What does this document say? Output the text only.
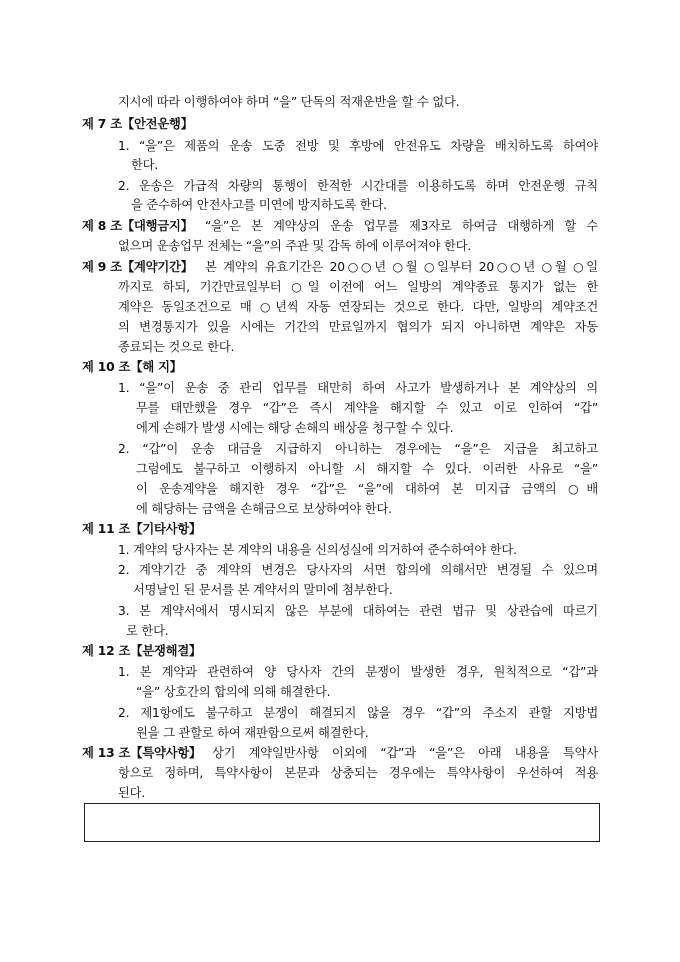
지시에 따라 이행하여야 하며 “을” 단독의 적재운반을 할 수 없다.
제 7 조【안전운행】
1. “을”은 제품의 운송 도중 전방 및 후방에 안전유도 차량을 배치하도록 하여야
한다.
2. 운송은 가급적 차량의 통행이 한적한 시간대를 이용하도록 하며 안전운행 규칙
을 준수하여 안전사고를 미연에 방지하도록 한다.
제 8 조【대행금지】 “을”은 본 계약상의 운송 업무를 제3자로 하여금 대행하게 할 수
없으며 운송업무 전체는 “을”의 주관 및 감독 하에 이루어져야 한다.
제 9 조【계약기간】 본 계약의 유효기간은 20○○년 ○월 ○일부터 20○○년 ○월 ○일
까지로 하되, 기간만료일부터 ○일 이전에 어느 일방의 계약종료 통지가 없는 한
계약은 동일조건으로 매 ○년씩 자동 연장되는 것으로 한다. 다만, 일방의 계약조건
의 변경통지가 있을 시에는 기간의 만료일까지 협의가 되지 아니하면 계약은 자동
종료되는 것으로 한다.
제 10 조【해 지】
1. “을”이 운송 중 관리 업무를 태만히 하여 사고가 발생하거나 본 계약상의 의
무를 태만했을 경우 “갑”은 즉시 계약을 해지할 수 있고 이로 인하여 “갑”
에게 손해가 발생 시에는 해당 손해의 배상을 청구할 수 있다.
2. “갑”이 운송 대금을 지급하지 아니하는 경우에는 “을”은 지급을 최고하고
그럼에도 불구하고 이행하지 아니할 시 해지할 수 있다. 이러한 사유로 “을”
이 운송계약을 해지한 경우 “갑”은 “을”에 대하여 본 미지급 금액의 ○배
에 해당하는 금액을 손해금으로 보상하여야 한다.
제 11 조【기타사항】
1. 계약의 당사자는 본 계약의 내용을 신의성실에 의거하여 준수하여야 한다.
2. 계약기간 중 계약의 변경은 당사자의 서면 합의에 의해서만 변경될 수 있으며
서명날인 된 문서를 본 계약서의 말미에 첨부한다.
3. 본 계약서에서 명시되지 않은 부분에 대하여는 관련 법규 및 상관습에 따르기
로 한다.
제 12 조【분쟁해결】
1. 본 계약과 관련하여 양 당사자 간의 분쟁이 발생한 경우, 원칙적으로 “갑”과
“을” 상호간의 합의에 의해 해결한다.
2. 제1항에도 불구하고 분쟁이 해결되지 않을 경우 “갑”의 주소지 관할 지방법
원을 그 관할로 하여 재판함으로써 해결한다.
제 13 조【특약사항】 상기 계약일반사항 이외에 “갑”과 “을”은 아래 내용을 특약사
항으로 정하며, 특약사항이 본문과 상충되는 경우에는 특약사항이 우선하여 적용
된다.
